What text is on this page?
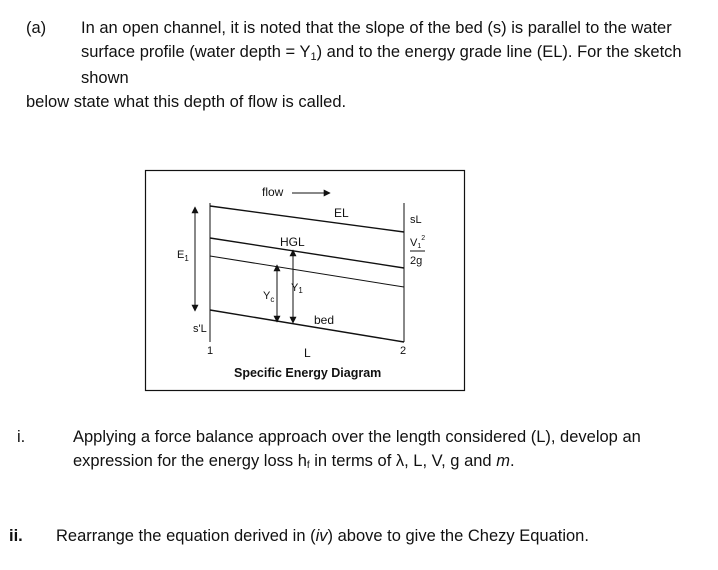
(a) In an open channel, it is noted that the slope of the bed (s) is parallel to the water
surface profile (water depth = $Y_1$) and to the energy grade line (EL). For the sketch
shown
below state what this depth of flow is called.
flow
EL
HGL
$E_1$
$Y_c$
Y1
bed
sL
$V1^2$
2g
s'L
1	2
L
Specific Energy Diagram
i.	Applying a force balance approach over the length considered (L), develop an
expression for the energy loss hf in terms of λ, L, V, g and m.
ii. Rearrange the equation derived in (iv) above to give the Chezy Equation.
